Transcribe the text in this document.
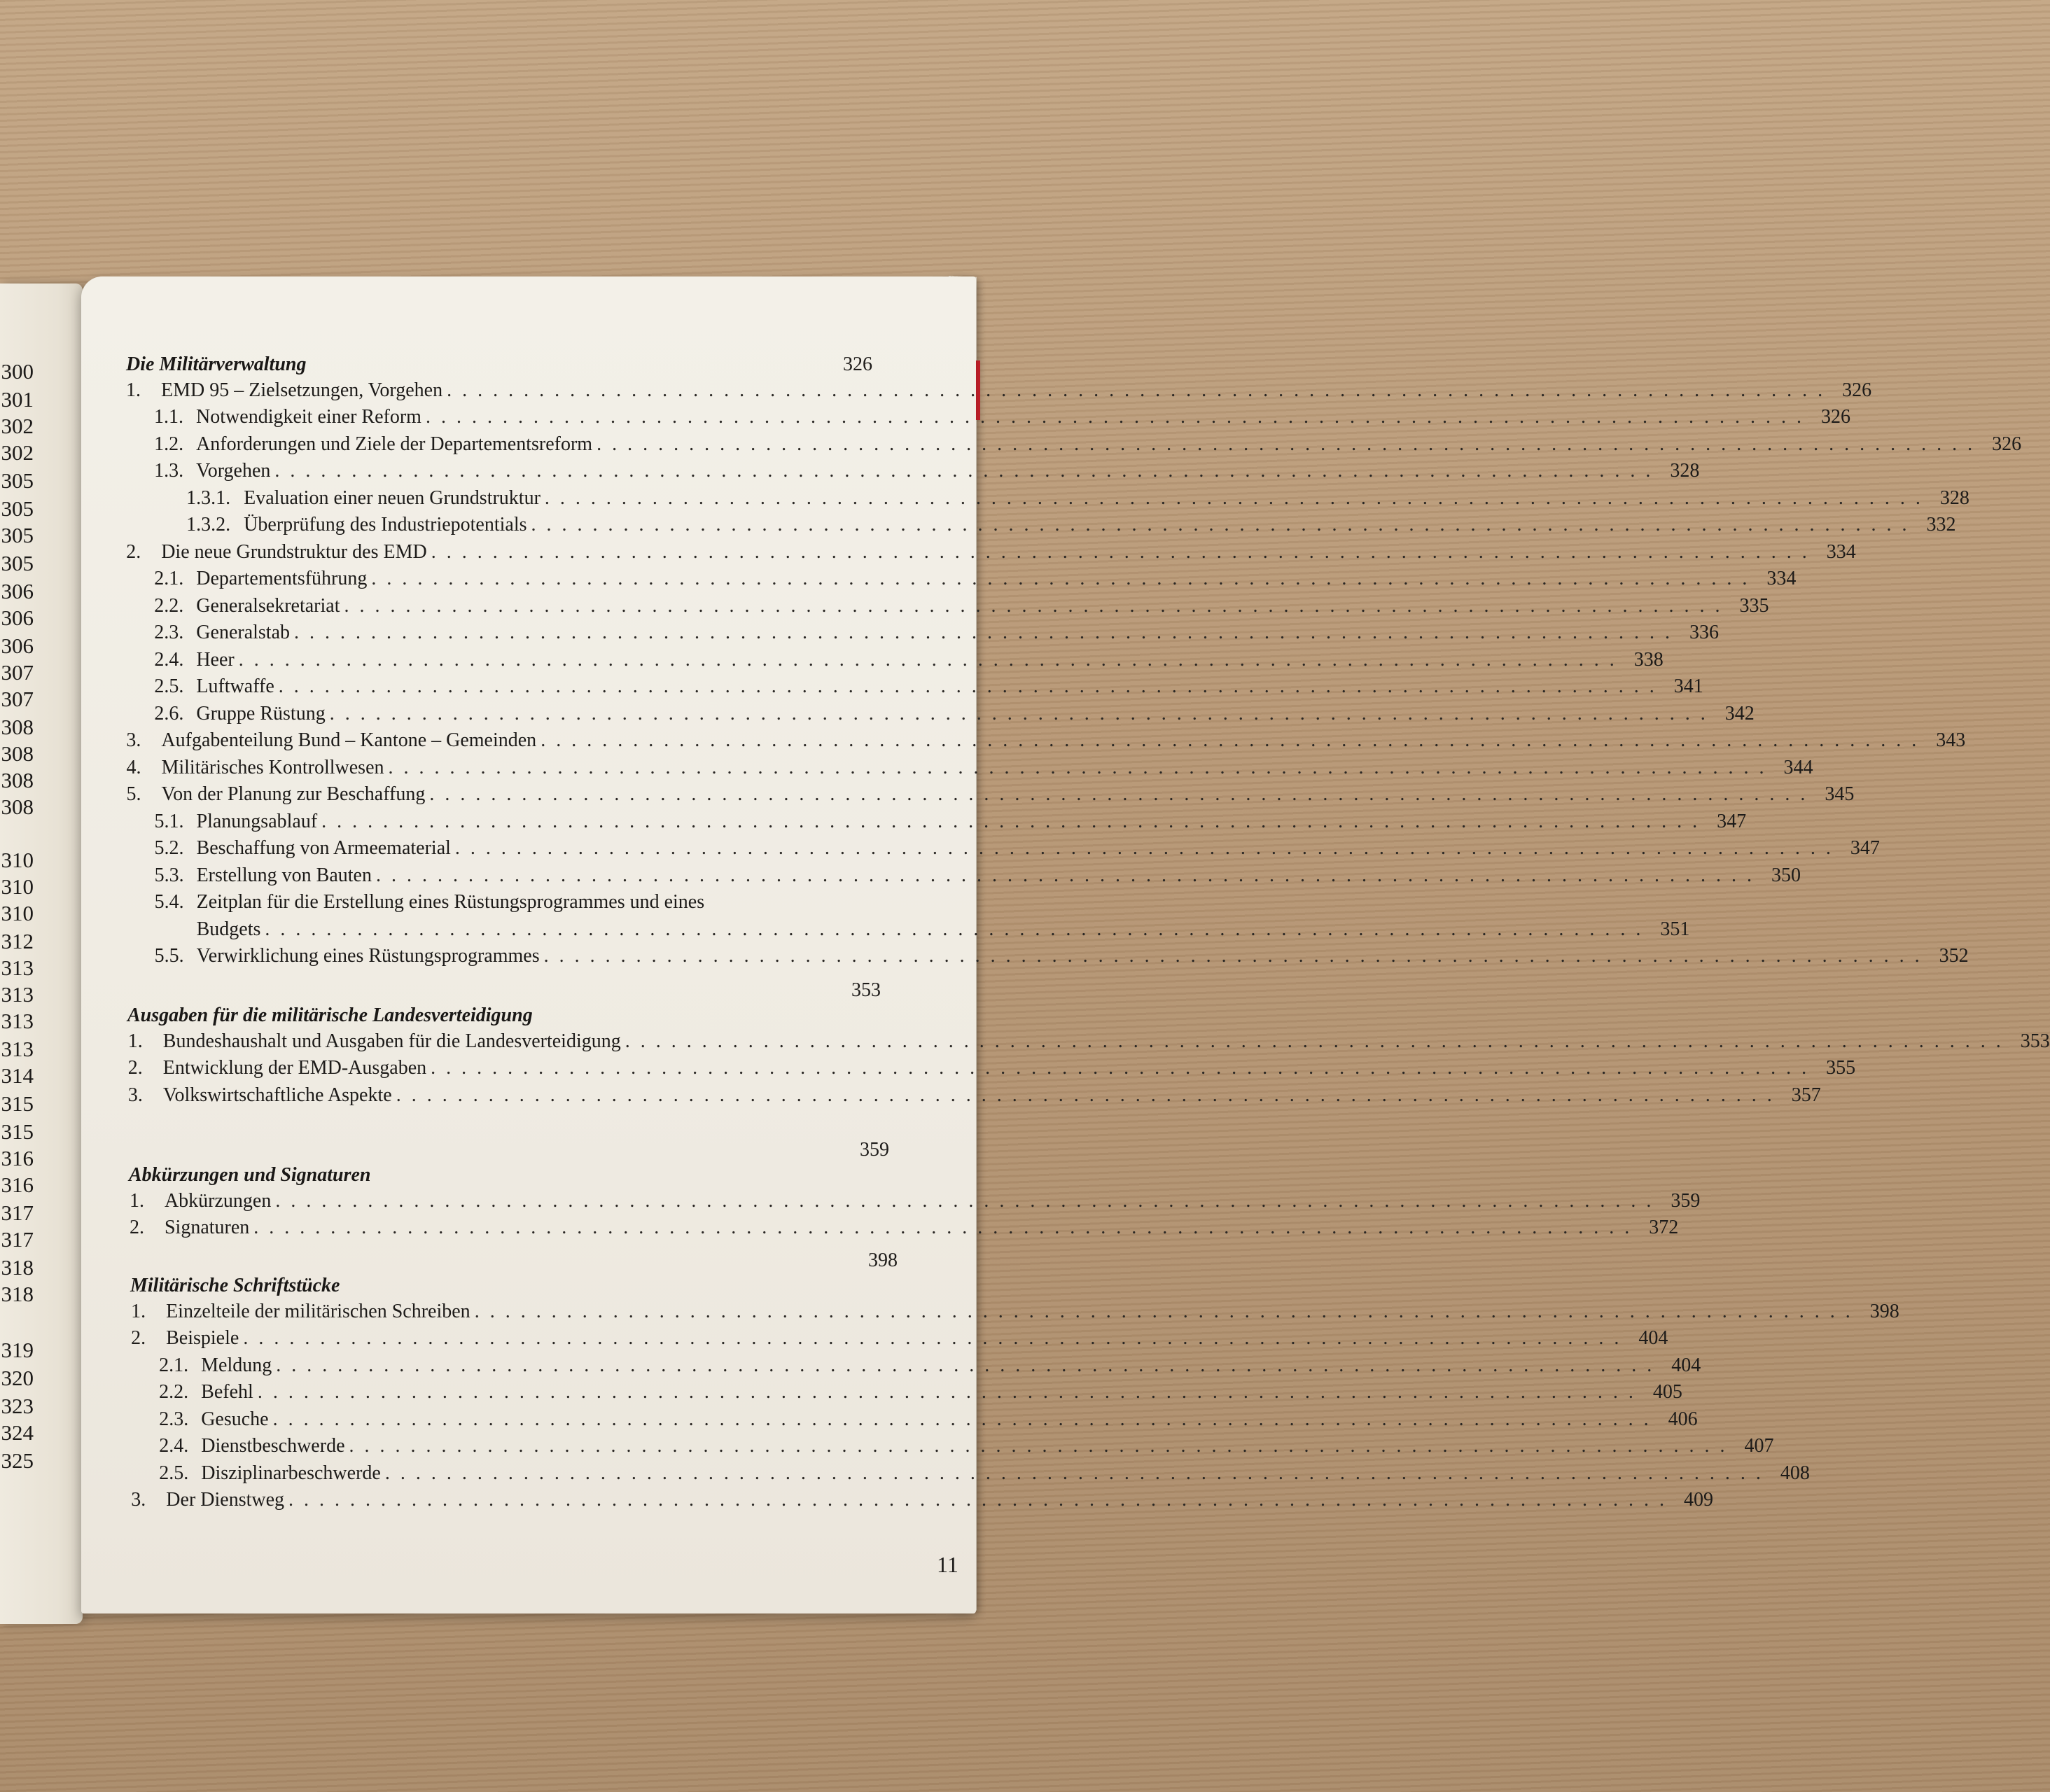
300
301
302
302
305
305
305
305
306
306
306
307
307
308
308
308
308
310
310
310
312
313
313
313
313
314
315
315
316
316
317
317
318
318
319
320
323
324
325
11
326
Die Militärverwaltung
1.	EMD 95 – Zielsetzungen, Vorgehen . . . . . . . . . . . . . . . . . . . . . . . . . . . . . . . . . . . . . . . . . . . . . . . . . . . . . . . . . . . . . . . . . . . . . . . . . . . . . . . . . . . . . . . . . . 326
1.1. Notwendigkeit einer Reform . . . . . . . . . . . . . . . . . . . . . . . . . . . . . . . . . . . . . . . . . . . . . . . . . . . . . . . . . . . . . . . . . . . . . . . . . . . . . . . . . . . . . . . . . . 326
1.2. Anforderungen und Ziele der Departementsreform . . . . . . . . . . . . . . . . . . . . . . . . . . . . . . . . . . . . . . . . . . . . . . . . . . . . . . . . . . . . . . . . . . . . . . . . . . . . . . . . . . . . . . . . . . 326
1.3. Vorgehen . . . . . . . . . . . . . . . . . . . . . . . . . . . . . . . . . . . . . . . . . . . . . . . . . . . . . . . . . . . . . . . . . . . . . . . . . . . . . . . . . . . . . . . . . . 328
1.3.1. Evaluation einer neuen Grundstruktur . . . . . . . . . . . . . . . . . . . . . . . . . . . . . . . . . . . . . . . . . . . . . . . . . . . . . . . . . . . . . . . . . . . . . . . . . . . . . . . . . . . . . . . . . . 328
1.3.2. Überprüfung des Industriepotentials . . . . . . . . . . . . . . . . . . . . . . . . . . . . . . . . . . . . . . . . . . . . . . . . . . . . . . . . . . . . . . . . . . . . . . . . . . . . . . . . . . . . . . . . . . 332
2.	Die neue Grundstruktur des EMD . . . . . . . . . . . . . . . . . . . . . . . . . . . . . . . . . . . . . . . . . . . . . . . . . . . . . . . . . . . . . . . . . . . . . . . . . . . . . . . . . . . . . . . . . . 334
2.1. Departementsführung . . . . . . . . . . . . . . . . . . . . . . . . . . . . . . . . . . . . . . . . . . . . . . . . . . . . . . . . . . . . . . . . . . . . . . . . . . . . . . . . . . . . . . . . . . 334
2.2. Generalsekretariat . . . . . . . . . . . . . . . . . . . . . . . . . . . . . . . . . . . . . . . . . . . . . . . . . . . . . . . . . . . . . . . . . . . . . . . . . . . . . . . . . . . . . . . . . . 335
2.3. Generalstab . . . . . . . . . . . . . . . . . . . . . . . . . . . . . . . . . . . . . . . . . . . . . . . . . . . . . . . . . . . . . . . . . . . . . . . . . . . . . . . . . . . . . . . . . . 336
2.4. Heer . . . . . . . . . . . . . . . . . . . . . . . . . . . . . . . . . . . . . . . . . . . . . . . . . . . . . . . . . . . . . . . . . . . . . . . . . . . . . . . . . . . . . . . . . . 338
2.5. Luftwaffe . . . . . . . . . . . . . . . . . . . . . . . . . . . . . . . . . . . . . . . . . . . . . . . . . . . . . . . . . . . . . . . . . . . . . . . . . . . . . . . . . . . . . . . . . . 341
2.6. Gruppe Rüstung . . . . . . . . . . . . . . . . . . . . . . . . . . . . . . . . . . . . . . . . . . . . . . . . . . . . . . . . . . . . . . . . . . . . . . . . . . . . . . . . . . . . . . . . . . 342
3.	Aufgabenteilung Bund – Kantone – Gemeinden . . . . . . . . . . . . . . . . . . . . . . . . . . . . . . . . . . . . . . . . . . . . . . . . . . . . . . . . . . . . . . . . . . . . . . . . . . . . . . . . . . . . . . . . . . 343
4.	Militärisches Kontrollwesen . . . . . . . . . . . . . . . . . . . . . . . . . . . . . . . . . . . . . . . . . . . . . . . . . . . . . . . . . . . . . . . . . . . . . . . . . . . . . . . . . . . . . . . . . . 344
5.	Von der Planung zur Beschaffung . . . . . . . . . . . . . . . . . . . . . . . . . . . . . . . . . . . . . . . . . . . . . . . . . . . . . . . . . . . . . . . . . . . . . . . . . . . . . . . . . . . . . . . . . . 345
5.1. Planungsablauf . . . . . . . . . . . . . . . . . . . . . . . . . . . . . . . . . . . . . . . . . . . . . . . . . . . . . . . . . . . . . . . . . . . . . . . . . . . . . . . . . . . . . . . . . . 347
5.2. Beschaffung von Armeematerial . . . . . . . . . . . . . . . . . . . . . . . . . . . . . . . . . . . . . . . . . . . . . . . . . . . . . . . . . . . . . . . . . . . . . . . . . . . . . . . . . . . . . . . . . . 347
5.3. Erstellung von Bauten . . . . . . . . . . . . . . . . . . . . . . . . . . . . . . . . . . . . . . . . . . . . . . . . . . . . . . . . . . . . . . . . . . . . . . . . . . . . . . . . . . . . . . . . . . 350
5.4. Zeitplan für die Erstellung eines Rüstungsprogrammes und eines
Budgets . . . . . . . . . . . . . . . . . . . . . . . . . . . . . . . . . . . . . . . . . . . . . . . . . . . . . . . . . . . . . . . . . . . . . . . . . . . . . . . . . . . . . . . . . . 351
5.5. Verwirklichung eines Rüstungsprogrammes . . . . . . . . . . . . . . . . . . . . . . . . . . . . . . . . . . . . . . . . . . . . . . . . . . . . . . . . . . . . . . . . . . . . . . . . . . . . . . . . . . . . . . . . . . 352
353
Ausgaben für die militärische Landesverteidigung
1.	Bundeshaushalt und Ausgaben für die Landesverteidigung . . . . . . . . . . . . . . . . . . . . . . . . . . . . . . . . . . . . . . . . . . . . . . . . . . . . . . . . . . . . . . . . . . . . . . . . . . . . . . . . . . . . . . . . . . 353
2.	Entwicklung der EMD-Ausgaben . . . . . . . . . . . . . . . . . . . . . . . . . . . . . . . . . . . . . . . . . . . . . . . . . . . . . . . . . . . . . . . . . . . . . . . . . . . . . . . . . . . . . . . . . . 355
3.	Volkswirtschaftliche Aspekte . . . . . . . . . . . . . . . . . . . . . . . . . . . . . . . . . . . . . . . . . . . . . . . . . . . . . . . . . . . . . . . . . . . . . . . . . . . . . . . . . . . . . . . . . . 357
359
Abkürzungen und Signaturen
1.	Abkürzungen . . . . . . . . . . . . . . . . . . . . . . . . . . . . . . . . . . . . . . . . . . . . . . . . . . . . . . . . . . . . . . . . . . . . . . . . . . . . . . . . . . . . . . . . . . 359
2.	Signaturen . . . . . . . . . . . . . . . . . . . . . . . . . . . . . . . . . . . . . . . . . . . . . . . . . . . . . . . . . . . . . . . . . . . . . . . . . . . . . . . . . . . . . . . . . . 372
398
Militärische Schriftstücke
1.	Einzelteile der militärischen Schreiben . . . . . . . . . . . . . . . . . . . . . . . . . . . . . . . . . . . . . . . . . . . . . . . . . . . . . . . . . . . . . . . . . . . . . . . . . . . . . . . . . . . . . . . . . . 398
2.	Beispiele . . . . . . . . . . . . . . . . . . . . . . . . . . . . . . . . . . . . . . . . . . . . . . . . . . . . . . . . . . . . . . . . . . . . . . . . . . . . . . . . . . . . . . . . . . 404
2.1. Meldung . . . . . . . . . . . . . . . . . . . . . . . . . . . . . . . . . . . . . . . . . . . . . . . . . . . . . . . . . . . . . . . . . . . . . . . . . . . . . . . . . . . . . . . . . . 404
2.2. Befehl . . . . . . . . . . . . . . . . . . . . . . . . . . . . . . . . . . . . . . . . . . . . . . . . . . . . . . . . . . . . . . . . . . . . . . . . . . . . . . . . . . . . . . . . . . 405
2.3. Gesuche . . . . . . . . . . . . . . . . . . . . . . . . . . . . . . . . . . . . . . . . . . . . . . . . . . . . . . . . . . . . . . . . . . . . . . . . . . . . . . . . . . . . . . . . . . 406
2.4. Dienstbeschwerde . . . . . . . . . . . . . . . . . . . . . . . . . . . . . . . . . . . . . . . . . . . . . . . . . . . . . . . . . . . . . . . . . . . . . . . . . . . . . . . . . . . . . . . . . . 407
2.5. Disziplinarbeschwerde . . . . . . . . . . . . . . . . . . . . . . . . . . . . . . . . . . . . . . . . . . . . . . . . . . . . . . . . . . . . . . . . . . . . . . . . . . . . . . . . . . . . . . . . . . 408
3.	Der Dienstweg . . . . . . . . . . . . . . . . . . . . . . . . . . . . . . . . . . . . . . . . . . . . . . . . . . . . . . . . . . . . . . . . . . . . . . . . . . . . . . . . . . . . . . . . . . 409
